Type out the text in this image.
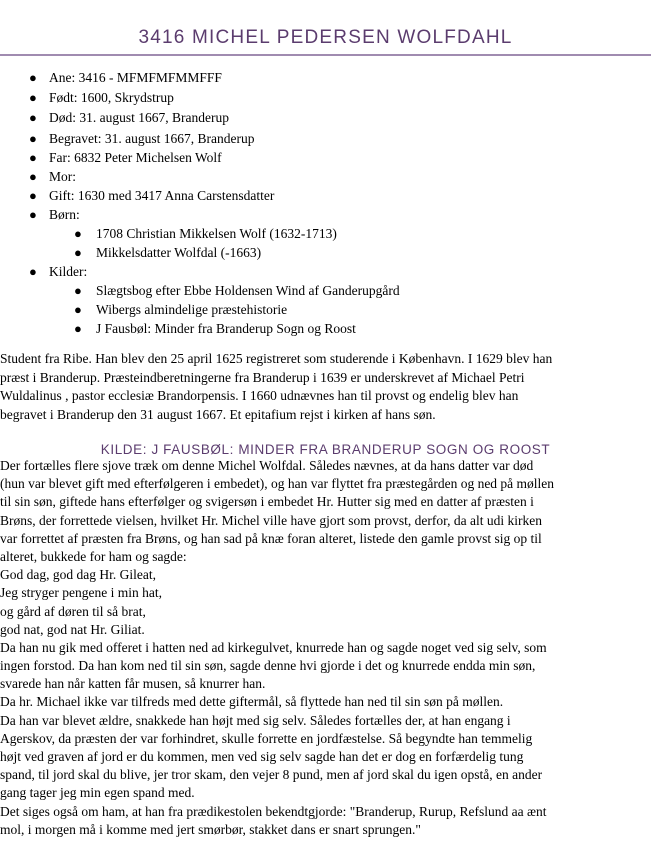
3416 MICHEL PEDERSEN WOLFDAHL
● Ane: 3416 - MFMFMFMMFFF
● Født: 1600, Skrydstrup
● Død: 31. august 1667, Branderup
● Begravet: 31. august 1667, Branderup
● Far: 6832 Peter Michelsen Wolf
● Mor:
● Gift: 1630 med 3417 Anna Carstensdatter
● Børn:
● 1708 Christian Mikkelsen Wolf (1632-1713)
● Mikkelsdatter Wolfdal (-1663)
● Kilder:
● Slægtsbog efter Ebbe Holdensen Wind af Ganderupgård
● Wibergs almindelige præstehistorie
● J Fausbøl: Minder fra Branderup Sogn og Roost
Student fra Ribe. Han blev den 25 april 1625 registreret som studerende i København. I 1629 blev han
præst i Branderup. Præsteindberetningerne fra Branderup i 1639 er underskrevet af Michael Petri
Wuldalinus , pastor ecclesiæ Brandorpensis. I 1660 udnævnes han til provst og endelig blev han
begravet i Branderup den 31 august 1667. Et epitafium rejst i kirken af hans søn.
KILDE: J FAUSBØL: MINDER FRA BRANDERUP SOGN OG ROOST
Der fortælles flere sjove træk om denne Michel Wolfdal. Således nævnes, at da hans datter var død
(hun var blevet gift med efterfølgeren i embedet), og han var flyttet fra præstegården og ned på møllen
til sin søn, giftede hans efterfølger og svigersøn i embedet Hr. Hutter sig med en datter af præsten i
Brøns, der forrettede vielsen, hvilket Hr. Michel ville have gjort som provst, derfor, da alt udi kirken
var forrettet af præsten fra Brøns, og han sad på knæ foran alteret, listede den gamle provst sig op til
alteret, bukkede for ham og sagde:
God dag, god dag Hr. Gileat,
Jeg stryger pengene i min hat,
og gård af døren til så brat,
god nat, god nat Hr. Giliat.
Da han nu gik med offeret i hatten ned ad kirkegulvet, knurrede han og sagde noget ved sig selv, som
ingen forstod. Da han kom ned til sin søn, sagde denne hvi gjorde i det og knurrede endda min søn,
svarede han når katten får musen, så knurrer han.
Da hr. Michael ikke var tilfreds med dette giftermål, så flyttede han ned til sin søn på møllen.
Da han var blevet ældre, snakkede han højt med sig selv. Således fortælles der, at han engang i
Agerskov, da præsten der var forhindret, skulle forrette en jordfæstelse. Så begyndte han temmelig
højt ved graven af jord er du kommen, men ved sig selv sagde han det er dog en forfærdelig tung
spand, til jord skal du blive, jer tror skam, den vejer 8 pund, men af jord skal du igen opstå, en ander
gang tager jeg min egen spand med.
Det siges også om ham, at han fra prædikestolen bekendtgjorde: "Branderup, Rurup, Refslund aa ænt
mol, i morgen må i komme med jert smørbør, stakket dans er snart sprungen."
